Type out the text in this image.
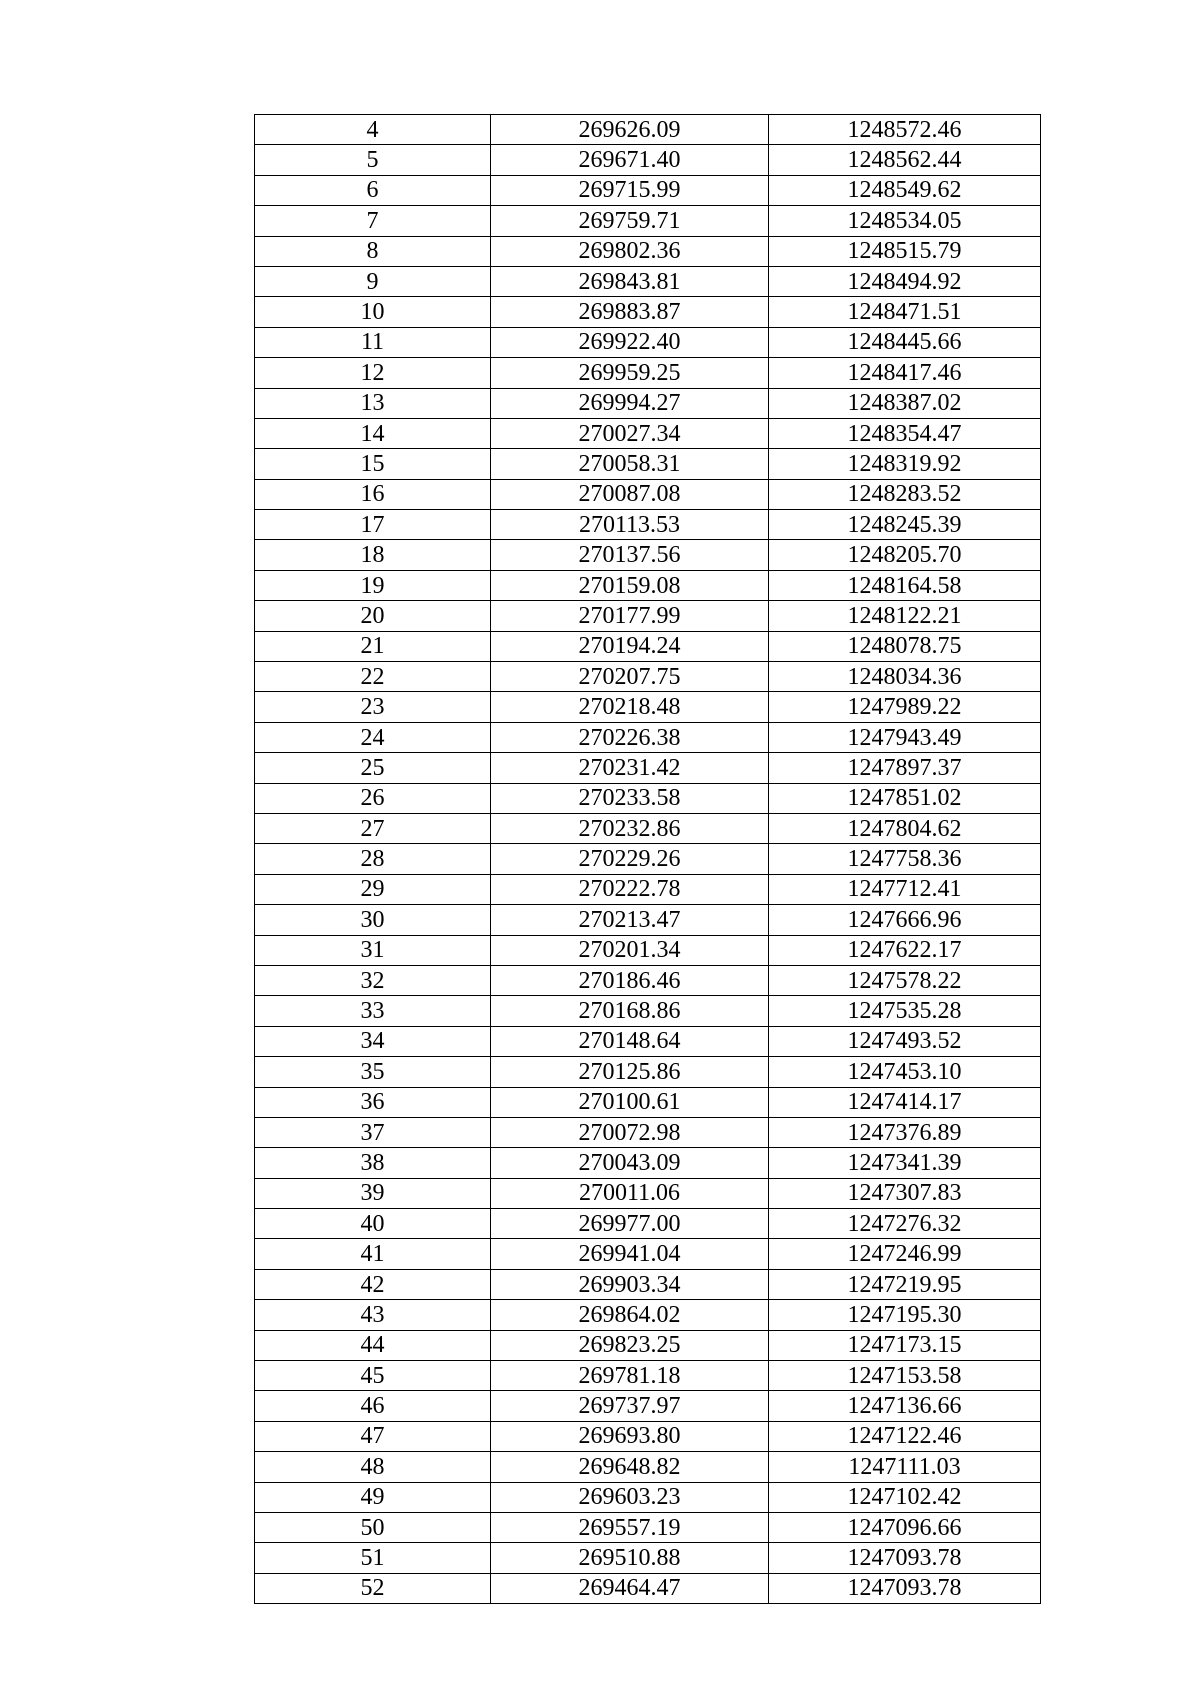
4	269626.09	1248572.46
5	269671.40	1248562.44
6	269715.99	1248549.62
7	269759.71	1248534.05
8	269802.36	1248515.79
9	269843.81	1248494.92
10	269883.87	1248471.51
11	269922.40	1248445.66
12	269959.25	1248417.46
13	269994.27	1248387.02
14	270027.34	1248354.47
15	270058.31	1248319.92
16	270087.08	1248283.52
17	270113.53	1248245.39
18	270137.56	1248205.70
19	270159.08	1248164.58
20	270177.99	1248122.21
21	270194.24	1248078.75
22	270207.75	1248034.36
23	270218.48	1247989.22
24	270226.38	1247943.49
25	270231.42	1247897.37
26	270233.58	1247851.02
27	270232.86	1247804.62
28	270229.26	1247758.36
29	270222.78	1247712.41
30	270213.47	1247666.96
31	270201.34	1247622.17
32	270186.46	1247578.22
33	270168.86	1247535.28
34	270148.64	1247493.52
35	270125.86	1247453.10
36	270100.61	1247414.17
37	270072.98	1247376.89
38	270043.09	1247341.39
39	270011.06	1247307.83
40	269977.00	1247276.32
41	269941.04	1247246.99
42	269903.34	1247219.95
43	269864.02	1247195.30
44	269823.25	1247173.15
45	269781.18	1247153.58
46	269737.97	1247136.66
47	269693.80	1247122.46
48	269648.82	1247111.03
49	269603.23	1247102.42
50	269557.19	1247096.66
51	269510.88	1247093.78
52	269464.47	1247093.78
